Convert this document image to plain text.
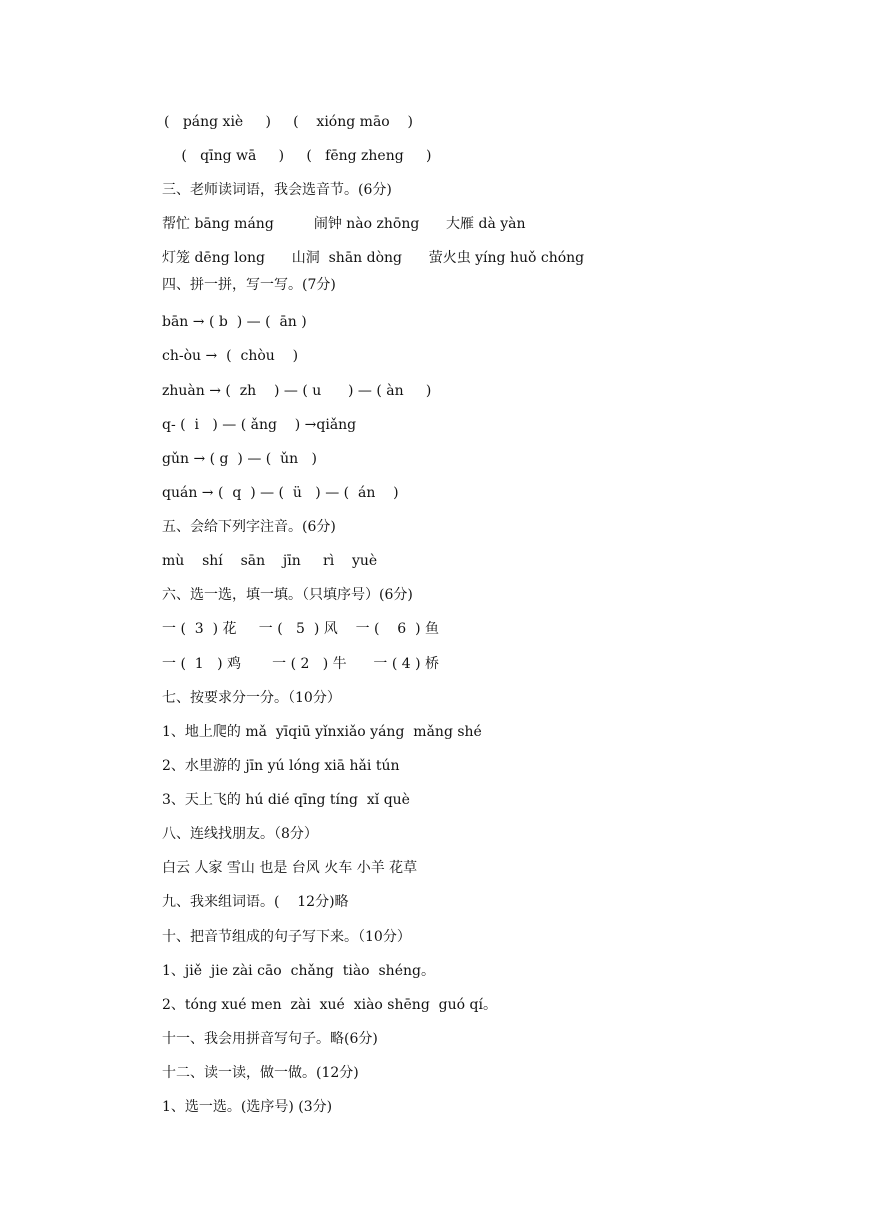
(   páng xiè     )     (    xióng māo    )
(   qīng wā     )     (   fēng zheng     )
三、老师读词语，我会选音节。(6分)
帮忙 bāng máng         闹钟 nào zhōng      大雁 dà yàn
灯笼 dēng long      山洞  shān dòng      萤火虫 yíng huǒ chóng
四、拼一拼，写一写。(7分)
bān → ( b  ) — (  ān )
ch-òu →  (  chòu    )
zhuàn → (  zh    ) — ( u      ) — ( àn     )
q- (  i   ) — ( ǎng    ) →qiǎng
gǔn → ( g  ) — (  ǔn   )
quán → (  q  ) — (  ü   ) — (  án    )
五、会给下列字注音。(6分)
mù    shí    sān    jīn     rì    yuè
六、选一选，填一填。（只填序号）(6分)
一 (  3  ) 花     一 (   5  ) 风    一 (    6  ) 鱼
一 (  1   ) 鸡       一 ( 2   ) 牛      一 ( 4 ) 桥
七、按要求分一分。（10分）
1、地上爬的 mǎ  yīqiū yǐnxiǎo yáng  mǎng shé
2、水里游的 jīn yú lóng xiā hǎi tún
3、天上飞的 hú dié qīng tíng  xǐ què
八、连线找朋友。（8分）
白云 人家 雪山 也是 台风 火车 小羊 花草
九、我来组词语。(    12分)略
十、把音节组成的句子写下来。（10分）
1、jiě  jie zài cāo  chǎng  tiào  shéng。
2、tóng xué men  zài  xué  xiào shēng  guó qí。
十一、我会用拼音写句子。略(6分)
十二、读一读，做一做。(12分)
1、选一选。(选序号) (3分)
